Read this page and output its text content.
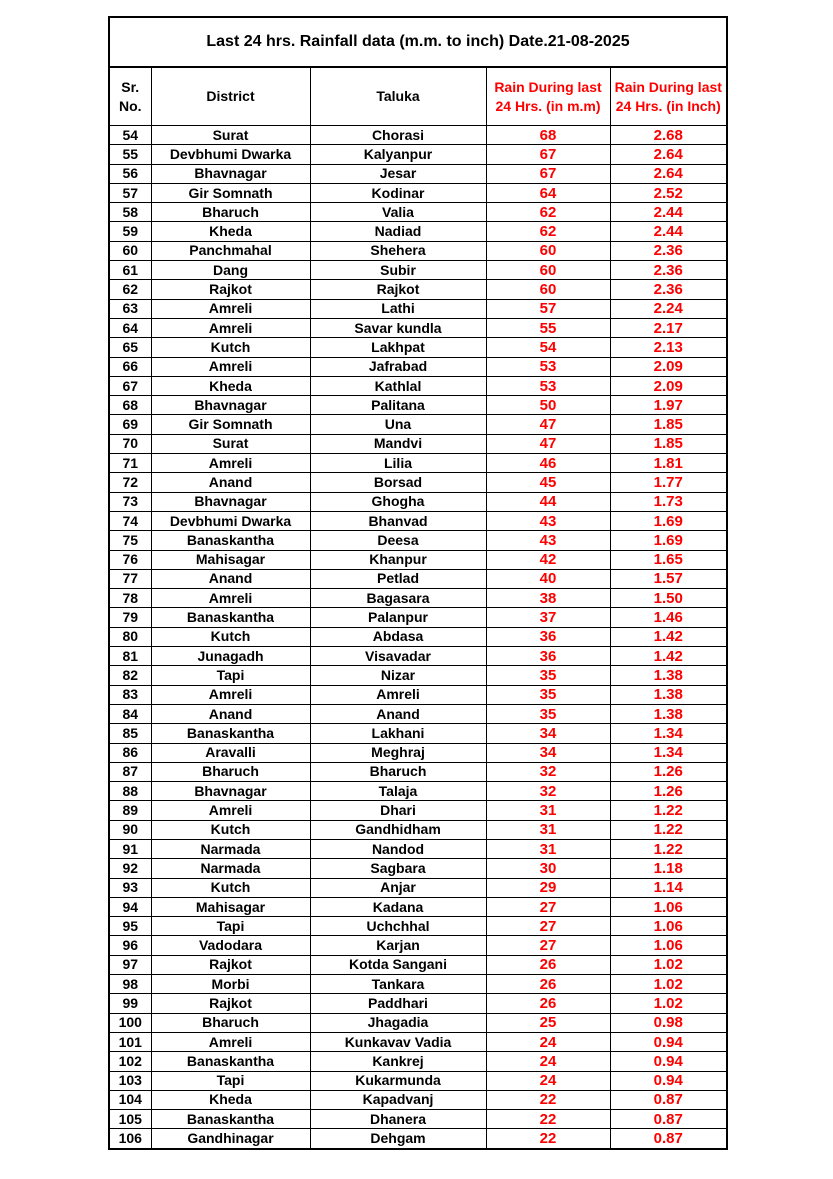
Last 24 hrs. Rainfall data (m.m. to inch) Date.21-08-2025				
Sr. No.	District	Taluka	Rain During last 24 Hrs. (in m.m)	Rain During last 24 Hrs. (in Inch)
54	Surat	Chorasi	68	2.68
55	Devbhumi Dwarka	Kalyanpur	67	2.64
56	Bhavnagar	Jesar	67	2.64
57	Gir Somnath	Kodinar	64	2.52
58	Bharuch	Valia	62	2.44
59	Kheda	Nadiad	62	2.44
60	Panchmahal	Shehera	60	2.36
61	Dang	Subir	60	2.36
62	Rajkot	Rajkot	60	2.36
63	Amreli	Lathi	57	2.24
64	Amreli	Savar kundla	55	2.17
65	Kutch	Lakhpat	54	2.13
66	Amreli	Jafrabad	53	2.09
67	Kheda	Kathlal	53	2.09
68	Bhavnagar	Palitana	50	1.97
69	Gir Somnath	Una	47	1.85
70	Surat	Mandvi	47	1.85
71	Amreli	Lilia	46	1.81
72	Anand	Borsad	45	1.77
73	Bhavnagar	Ghogha	44	1.73
74	Devbhumi Dwarka	Bhanvad	43	1.69
75	Banaskantha	Deesa	43	1.69
76	Mahisagar	Khanpur	42	1.65
77	Anand	Petlad	40	1.57
78	Amreli	Bagasara	38	1.50
79	Banaskantha	Palanpur	37	1.46
80	Kutch	Abdasa	36	1.42
81	Junagadh	Visavadar	36	1.42
82	Tapi	Nizar	35	1.38
83	Amreli	Amreli	35	1.38
84	Anand	Anand	35	1.38
85	Banaskantha	Lakhani	34	1.34
86	Aravalli	Meghraj	34	1.34
87	Bharuch	Bharuch	32	1.26
88	Bhavnagar	Talaja	32	1.26
89	Amreli	Dhari	31	1.22
90	Kutch	Gandhidham	31	1.22
91	Narmada	Nandod	31	1.22
92	Narmada	Sagbara	30	1.18
93	Kutch	Anjar	29	1.14
94	Mahisagar	Kadana	27	1.06
95	Tapi	Uchchhal	27	1.06
96	Vadodara	Karjan	27	1.06
97	Rajkot	Kotda Sangani	26	1.02
98	Morbi	Tankara	26	1.02
99	Rajkot	Paddhari	26	1.02
100	Bharuch	Jhagadia	25	0.98
101	Amreli	Kunkavav Vadia	24	0.94
102	Banaskantha	Kankrej	24	0.94
103	Tapi	Kukarmunda	24	0.94
104	Kheda	Kapadvanj	22	0.87
105	Banaskantha	Dhanera	22	0.87
106	Gandhinagar	Dehgam	22	0.87
